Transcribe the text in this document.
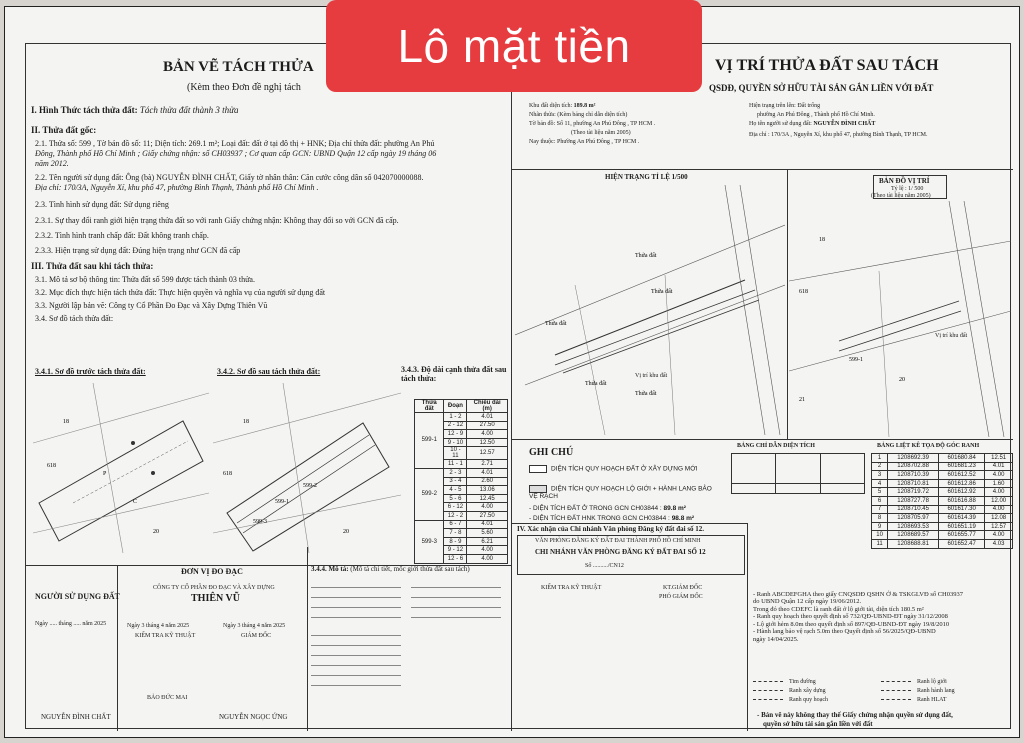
BẢN VẼ TÁCH THỬA
(Kèm theo Đơn đề nghị tách
I. Hình Thức tách thửa đất: Tách thửa đất thành 3 thửa
II. Thửa đất gốc:
2.1. Thửa số: 599 , Tờ bản đồ số: 11; Diện tích: 269.1 m²; Loại đất: đất ở tại đô thị + HNK; Địa chỉ thửa đất: phường An Phú
Đông, Thành phố Hồ Chí Minh ; Giấy chứng nhận: số CH03937 ; Cơ quan cấp GCN: UBND Quận 12 cấp ngày 19 tháng 06
năm 2012.
2.2. Tên người sử dụng đất: Ông (bà) NGUYỄN ĐÌNH CHẤT, Giấy tờ nhân thân: Căn cước công dân số 042070000088.
Địa chỉ: 170/3A, Nguyễn Xí, khu phố 47, phường Bình Thạnh, Thành phố Hồ Chí Minh .
2.3. Tình hình sử dụng đất: Sử dụng riêng
2.3.1. Sự thay đổi ranh giới hiện trạng thửa đất so với ranh Giấy chứng nhận: Không thay đổi so với GCN đã cấp.
2.3.2. Tình hình tranh chấp đất: Đất không tranh chấp.
2.3.3. Hiện trạng sử dụng đất: Đúng hiện trạng như GCN đã cấp
III. Thửa đất sau khi tách thửa:
3.1. Mô tả sơ bộ thông tin: Thửa đất số 599 được tách thành 03 thửa.
3.2. Mục đích thực hiện tách thửa đất: Thực hiện quyền và nghĩa vụ của người sử dụng đất
3.3. Người lập bản vẽ: Công ty Cổ Phần Đo Đạc và Xây Dựng Thiên Vũ
3.4. Sơ đồ tách thửa đất:
3.4.1. Sơ đồ trước tách thửa đất:	3.4.2. Sơ đồ sau tách thửa đất:	3.4.3. Độ dài cạnh thửa đất sau tách thửa:
P
C
18
618
20
599-1
599-2
599-3
18
618
20
Thửa đất	Đoạn	Chiều dài (m)
599-1	1 - 2	4.01
	2 - 12	27.50
	12 - 9	4.00
	9 - 10	12.50
	10 - 11	12.57
	11 - 1	2.71
599-2	2 - 3	4.01
	3 - 4	2.60
	4 - 5	13.06
	5 - 6	12.45
	6 - 12	4.00
	12 - 2	27.50
599-3	6 - 7	4.01
	7 - 8	5.60
	8 - 9	6.21
	9 - 12	4.00
	12 - 6	4.00
NGƯỜI SỬ DỤNG ĐẤT
Ngày ..... tháng ..... năm 2025
NGUYỄN ĐÌNH CHẤT
ĐƠN VỊ ĐO ĐẠC
CÔNG TY CỔ PHẦN ĐO ĐẠC VÀ XÂY DỰNG
THIÊN VŨ
Ngày 3 tháng 4 năm 2025
KIỂM TRA KỸ THUẬT
Ngày 3 tháng 4 năm 2025
GIÁM ĐỐC
BẢO ĐỨC MAI
NGUYỄN NGỌC ỨNG
3.4.4. Mô tả: (Mô tả chi tiết, mốc giới thửa đất sau tách)
VỊ TRÍ THỬA ĐẤT SAU TÁCH
QSDĐ, QUYỀN SỞ HỮU TÀI SẢN GẮN LIỀN VỚI ĐẤT
Khu đất diện tích: 189.8 m²
Nhãn thửa: (Kèm bảng chỉ dẫn diện tích)
Tờ bản đồ: Số 11, phường An Phú Đông , TP HCM .
(Theo tài liệu năm 2005)
Nay thuộc: Phường An Phú Đông , TP HCM .
Hiện trạng trên lên: Đất trống
phường An Phú Đông , Thành phố Hồ Chí Minh.
Họ tên người sử dụng đất: NGUYỄN ĐÌNH CHẤT
Địa chỉ : 170/3A , Nguyễn Xí, khu phố 47, phường Bình Thạnh, TP HCM.
HIỆN TRẠNG TỈ LỆ 1/500
Thửa đất
Thửa đất
Thửa đất
Thửa đất
Thửa đất
Vị trí khu đất
BẢN ĐỒ VỊ TRÍ
Tỷ lệ : 1/ 500
(Theo tài liệu năm 2005)
18
618
599-1
20
21
Vị trí khu đất
GHI CHÚ
DIỆN TÍCH QUY HOẠCH ĐẤT Ở XÂY DỰNG MỚI
DIỆN TÍCH QUY HOẠCH LỘ GIỚI + HÀNH LANG BẢO VỆ RẠCH
- DIỆN TÍCH ĐẤT Ở TRONG GCN CH03844 : 89.8 m²
- DIỆN TÍCH ĐẤT HNK TRONG GCN CH03844 : 98.8 m²
BẢNG CHỈ DẪN DIỆN TÍCH

			BẢNG LIỆT KÊ TỌA ĐỘ GÓC RANH
1	1208692.39	601680.84	12.51
2	1208702.88	601681.23	4.01
3	1208710.39	601612.52	4.00
4	1208710.81	601612.86	1.60
5	1208719.72	601612.92	4.00
6	1208727.78	601616.88	12.00
7	1208710.45	601617.30	4.00
8	1208705.97	601614.39	12.08
9	1208693.53	601651.19	12.57
10	1208689.57	601655.77	4.00
11	1208688.81	601652.47	4.03
IV. Xác nhận của Chi nhánh Văn phòng Đăng ký đất đai số 12.
VĂN PHÒNG ĐĂNG KÝ ĐẤT ĐAI THÀNH PHỐ HỒ CHÍ MINH
CHI NHÁNH VĂN PHÒNG ĐĂNG KÝ ĐẤT ĐAI SỐ 12
Số ........../CN12
KIỂM TRA KỸ THUẬT	KT.GIÁM ĐỐC
PHÓ GIÁM ĐỐC	- Ranh ABCDEFGHA theo giấy CNQSDĐ QSHN Ở & TSKGLVĐ số CH03937
do UBND Quận 12 cấp ngày 19/06/2012.
Trong đó theo CDEFC là ranh đất ở lộ giới tài, diện tích 180.5 m²
- Ranh quy hoạch theo quyết định số 732/QĐ-UBND-ĐT ngày 31/12/2008
- Lộ giới hẻm 8.0m theo quyết định số 897/QĐ-UBND-ĐT ngày 19/8/2010
- Hành lang bảo vệ rạch 5.0m theo Quyết định số 56/2025/QĐ-UBND
ngày 14/04/2025.
Tim đường	Ranh lộ giới
Ranh xây dựng	Ranh hành lang
Ranh quy hoạch	Ranh HLAT
- Bản vẽ này không thay thế Giấy chứng nhận quyền sử dụng đất,
quyền sở hữu tài sản gắn liền với đất
Lô mặt tiền
